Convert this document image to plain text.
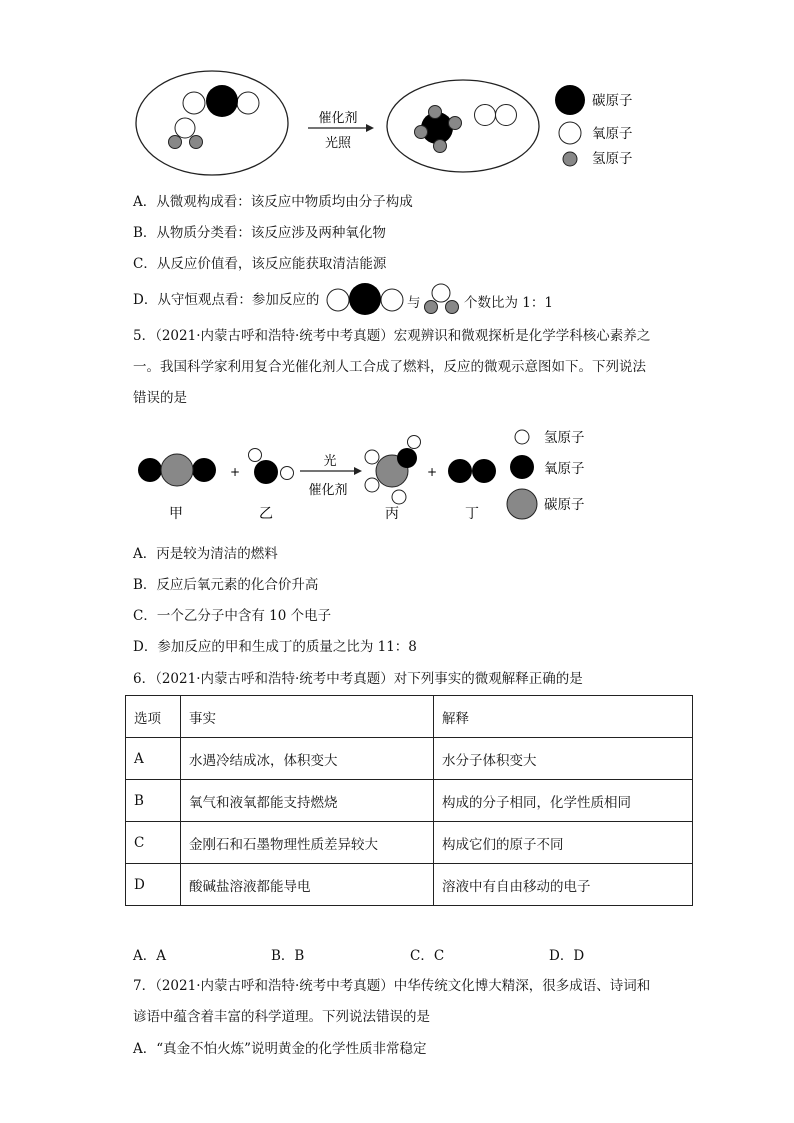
催化剂
光照
碳原子
氧原子
氢原子
A．从微观构成看：该反应中物质均由分子构成
B．从物质分类看：该反应涉及两种氧化物
C．从反应价值看，该反应能获取清洁能源
D．从守恒观点看：参加反应的	与	个数比为 1：1
5．（2021·内蒙古呼和浩特·统考中考真题）宏观辨识和微观探析是化学学科核心素养之
一。我国科学家利用复合光催化剂人工合成了燃料，反应的微观示意图如下。下列说法
错误的是
+
光
催化剂
+
甲	乙	丙	丁
氢原子
氧原子
碳原子
A．丙是较为清洁的燃料
B．反应后氧元素的化合价升高
C．一个乙分子中含有 10 个电子
D．参加反应的甲和生成丁的质量之比为 11：8
6．（2021·内蒙古呼和浩特·统考中考真题）对下列事实的微观解释正确的是
选项	事实	解释
A	水遇冷结成冰，体积变大	水分子体积变大
B	氧气和液氧都能支持燃烧	构成的分子相同，化学性质相同
C	金刚石和石墨物理性质差异较大	构成它们的原子不同
D	酸碱盐溶液都能导电	溶液中有自由移动的电子
A．A	B．B	C．C	D．D
7．（2021·内蒙古呼和浩特·统考中考真题）中华传统文化博大精深，很多成语、诗词和
谚语中蕴含着丰富的科学道理。下列说法错误的是
A．“真金不怕火炼”说明黄金的化学性质非常稳定
